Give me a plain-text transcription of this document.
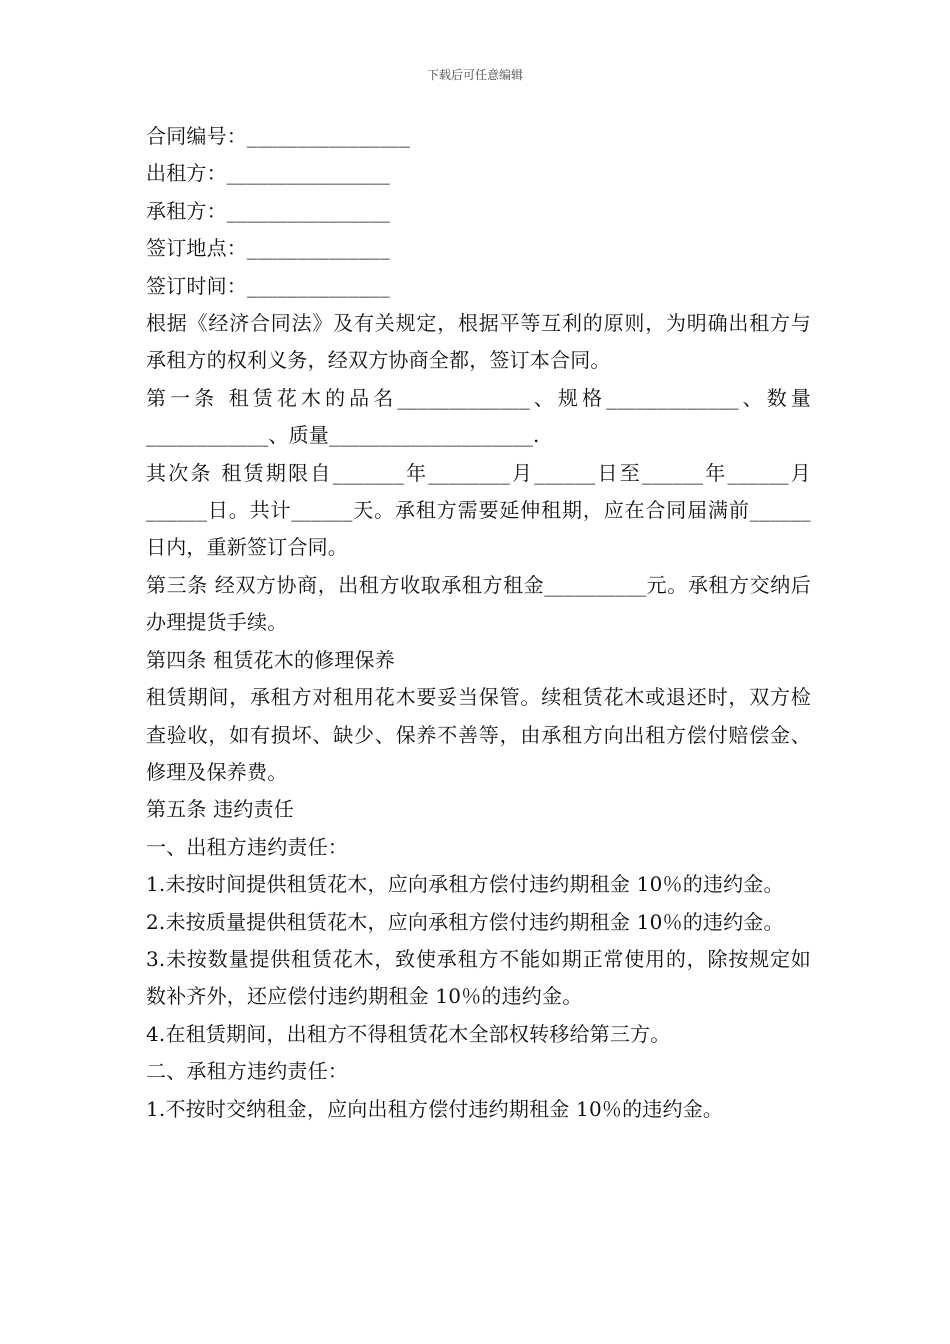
下载后可任意编辑
合同编号：________________
出租方：________________
承租方：________________
签订地点：______________
签订时间：______________
根据《经济合同法》及有关规定，根据平等互利的原则，为明确出租方与承租方的权利义务，经双方协商全都，签订本合同。
第一条 租赁花木的品名_____________、规格_____________、数量____________、质量____________________.
其次条 租赁期限自_______年________月______日至______年______月______日。共计______天。承租方需要延伸租期，应在合同届满前______日内，重新签订合同。
第三条 经双方协商，出租方收取承租方租金__________元。承租方交纳后办理提货手续。
第四条 租赁花木的修理保养
租赁期间，承租方对租用花木要妥当保管。续租赁花木或退还时，双方检查验收，如有损坏、缺少、保养不善等，由承租方向出租方偿付赔偿金、修理及保养费。
第五条 违约责任
一、出租方违约责任：
1.未按时间提供租赁花木，应向承租方偿付违约期租金 10％的违约金。
2.未按质量提供租赁花木，应向承租方偿付违约期租金 10％的违约金。
3.未按数量提供租赁花木，致使承租方不能如期正常使用的，除按规定如数补齐外，还应偿付违约期租金 10％的违约金。
4.在租赁期间，出租方不得租赁花木全部权转移给第三方。
二、承租方违约责任：
1.不按时交纳租金，应向出租方偿付违约期租金 10％的违约金。
